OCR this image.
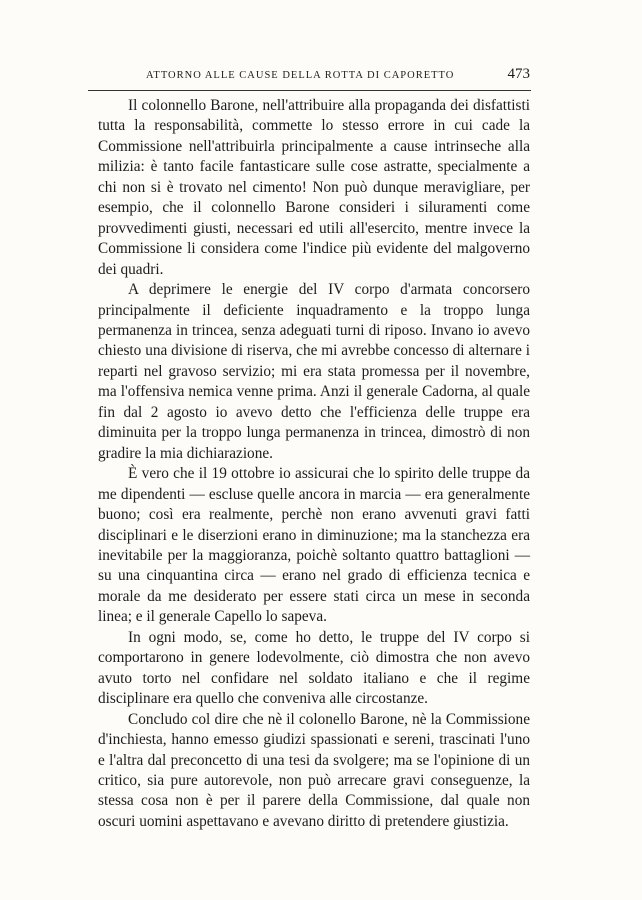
ATTORNO ALLE CAUSE DELLA ROTTA DI CAPORETTO	473

Il colonnello Barone, nell'attribuire alla propaganda dei disfattisti tutta la responsabilità, commette lo stesso errore in cui cade la Commissione nell'attribuirla principalmente a cause intrinseche alla milizia: è tanto facile fantasticare sulle cose astratte, specialmente a chi non si è trovato nel cimento! Non può dunque meravigliare, per esempio, che il colonnello Barone consideri i siluramenti come provvedimenti giusti, necessari ed utili all'esercito, mentre invece la Commissione li considera come l'indice più evidente del malgoverno dei quadri.

A deprimere le energie del IV corpo d'armata concorsero principalmente il deficiente inquadramento e la troppo lunga permanenza in trincea, senza adeguati turni di riposo. Invano io avevo chiesto una divisione di riserva, che mi avrebbe concesso di alternare i reparti nel gravoso servizio; mi era stata promessa per il novembre, ma l'offensiva nemica venne prima. Anzi il generale Cadorna, al quale fin dal 2 agosto io avevo detto che l'efficienza delle truppe era diminuita per la troppo lunga permanenza in trincea, dimostrò di non gradire la mia dichiarazione.

È vero che il 19 ottobre io assicurai che lo spirito delle truppe da me dipendenti — escluse quelle ancora in marcia — era generalmente buono; così era realmente, perchè non erano avvenuti gravi fatti disciplinari e le diserzioni erano in diminuzione; ma la stanchezza era inevitabile per la maggioranza, poichè soltanto quattro battaglioni — su una cinquantina circa — erano nel grado di efficienza tecnica e morale da me desiderato per essere stati circa un mese in seconda linea; e il generale Capello lo sapeva.

In ogni modo, se, come ho detto, le truppe del IV corpo si comportarono in genere lodevolmente, ciò dimostra che non avevo avuto torto nel confidare nel soldato italiano e che il regime disciplinare era quello che conveniva alle circostanze.

Concludo col dire che nè il colonello Barone, nè la Commissione d'inchiesta, hanno emesso giudizi spassionati e sereni, trascinati l'uno e l'altra dal preconcetto di una tesi da svolgere; ma se l'opinione di un critico, sia pure autorevole, non può arrecare gravi conseguenze, la stessa cosa non è per il parere della Commissione, dal quale non oscuri uomini aspettavano e avevano diritto di pretendere giustizia.
